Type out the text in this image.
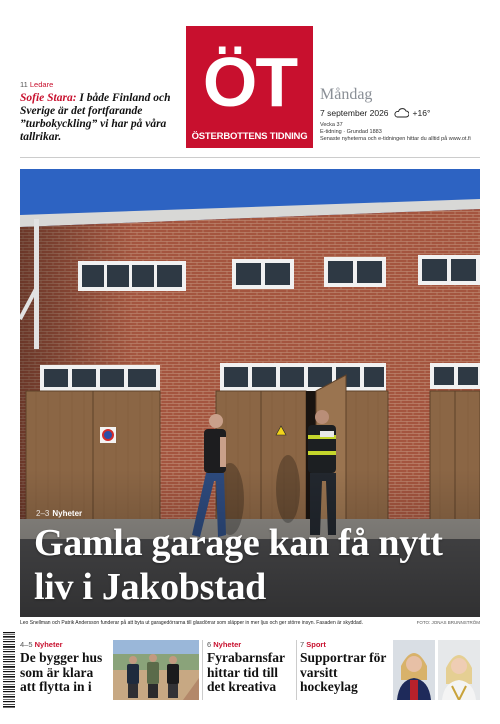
11 Ledare
Sofie Stara: I både Finland och Sverige är det fortfarande ”turbokyckling” vi har på våra tallrikar.
ÖT
ÖSTERBOTTENS TIDNING
Måndag
7 september 2026	+16°
Vecka 37
E-tidning · Grundad 1883
Senaste nyheterna och e-tidningen hittar du alltid på www.ot.fi
2–3 Nyheter
Gamla garage kan få nytt liv i Jakobstad
Leo Snellman och Patrik Andersson funderar på att byta ut garagedörrarna till glasdörrar som släpper in mer ljus och ger större insyn. Fasaden är skyddad.	FOTO: JONAS BRUNNSTRÖM
4–5 Nyheter
De bygger hus som är klara att flytta in i
6 Nyheter
Fyrabarnsfar hittar tid till det kreativa
7 Sport
Supportrar för varsitt hockeylag
